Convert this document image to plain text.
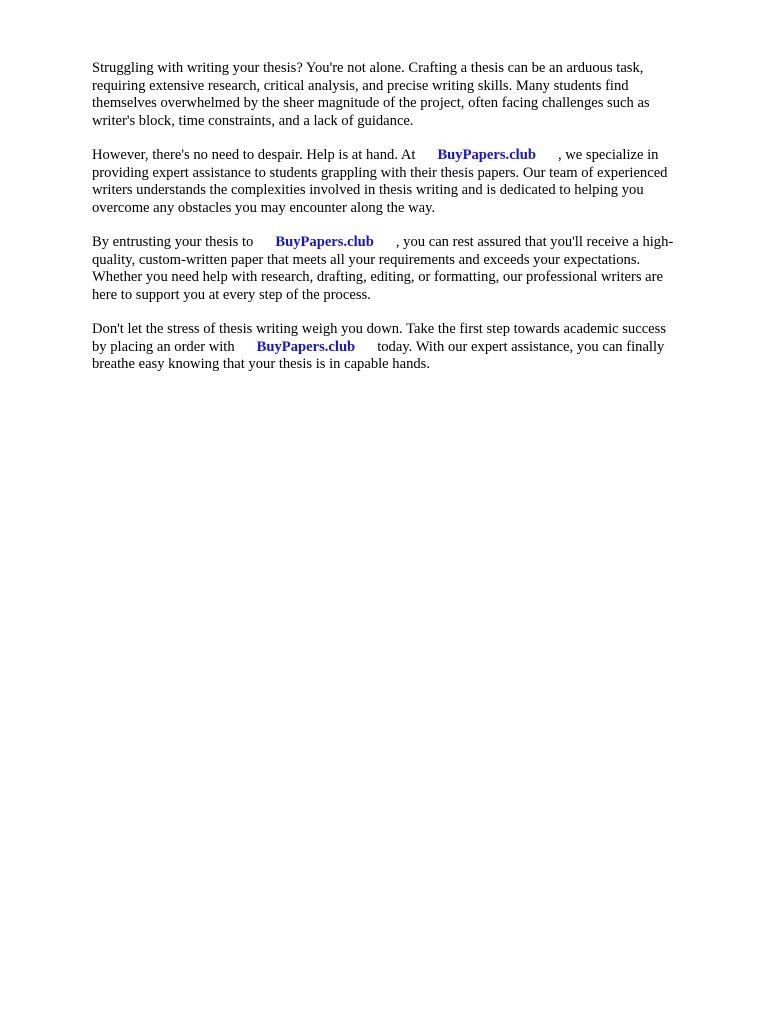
Struggling with writing your thesis? You're not alone. Crafting a thesis can be an arduous task,
requiring extensive research, critical analysis, and precise writing skills. Many students find
themselves overwhelmed by the sheer magnitude of the project, often facing challenges such as
writer's block, time constraints, and a lack of guidance.

However, there's no need to despair. Help is at hand. At BuyPapers.club , we specialize in
providing expert assistance to students grappling with their thesis papers. Our team of experienced
writers understands the complexities involved in thesis writing and is dedicated to helping you
overcome any obstacles you may encounter along the way.

By entrusting your thesis to BuyPapers.club , you can rest assured that you'll receive a high-
quality, custom-written paper that meets all your requirements and exceeds your expectations.
Whether you need help with research, drafting, editing, or formatting, our professional writers are
here to support you at every step of the process.

Don't let the stress of thesis writing weigh you down. Take the first step towards academic success
by placing an order with BuyPapers.club today. With our expert assistance, you can finally
breathe easy knowing that your thesis is in capable hands.
